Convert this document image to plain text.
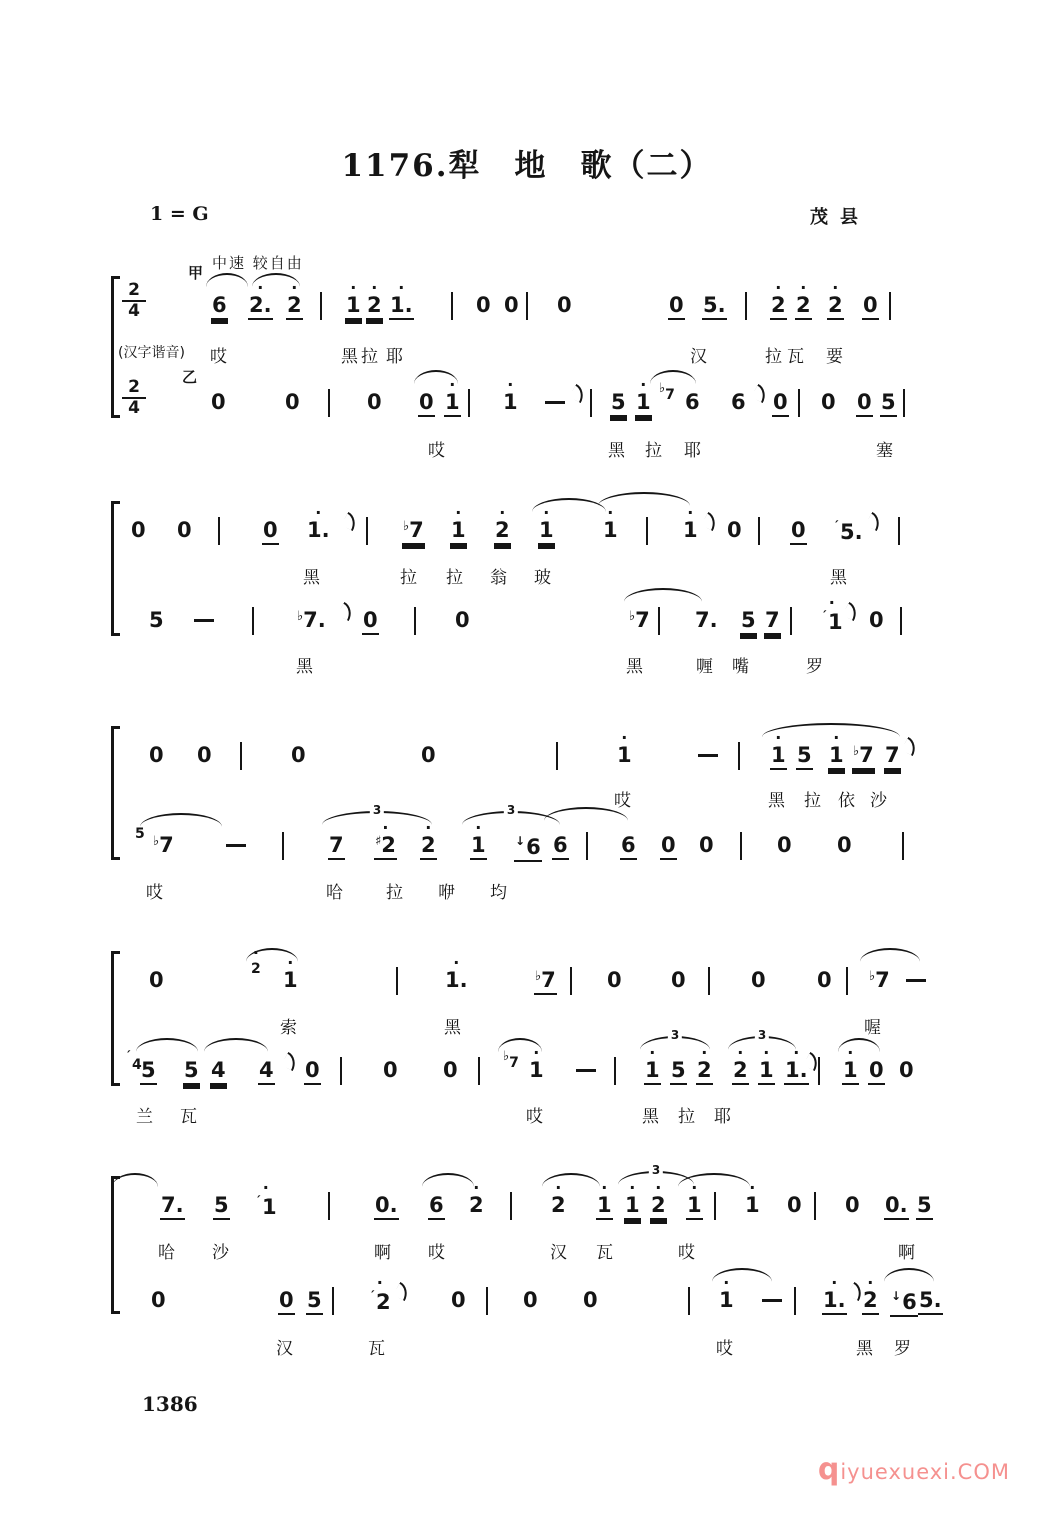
1176.犁　地　歌（二）
1 = G	茂县
中速 较自由
甲
$\frac{2}{4}$	6
·
2.
·
2
·
1
·
2
·
1.	0 0 0	0 5.
·
2
·
2
·
2 0
(汉字谐音) 哎	黑 拉 耶	汉	拉 瓦 要
乙
$\frac{2}{4}$	0	0	0 0
·
1
·
1	5
·
1
♭7 6 6 0 0 0 5
哎	黑 拉 耶	塞
0 0	0
·
1.	♭7
·
1
·
2
·
1
·
1
·
1 0 0 $^ˊ$5.
黑	拉 拉 翁 玻	黑
5	♭7. 0	0	♭7 7. 5 7
·
$^ˊ$1 0
黑	黑	喱 嘴	罗
0 0	0	0
·
1
·
1 5
·
1 ♭7 7
哎	黑 拉 依 沙
5 ♭7	7
·
♯2
·
2
·
1 ↓6 6	6 0 0	0 0
3	3
哎	哈	拉 咿 均
0
·
2	·
1
·
1.	♭7 0 0	0 0	♭7
索	黑	喔
ˊ4 5 5 4 4 0	0 0
♭7
·
1
·
1 5
·
2
·
2
·
1
·
1.
·
1 0 0
3	3
兰 瓦	哎	黑 拉 耶
7. 5
·
$^ˊ$1	0. 6
·
2
·
2
·
1
·
1
·
2
·
1
·
1 0 0 0. 5
3
哈 沙	啊 哎	汉 瓦	哎	啊
0	0 5
·
$^ˊ$2	0	0 0
·
1
·
1.
·
2 ↓6 5.
汉	瓦	哎	黑 罗
1386
qiyuexuexi.COM
